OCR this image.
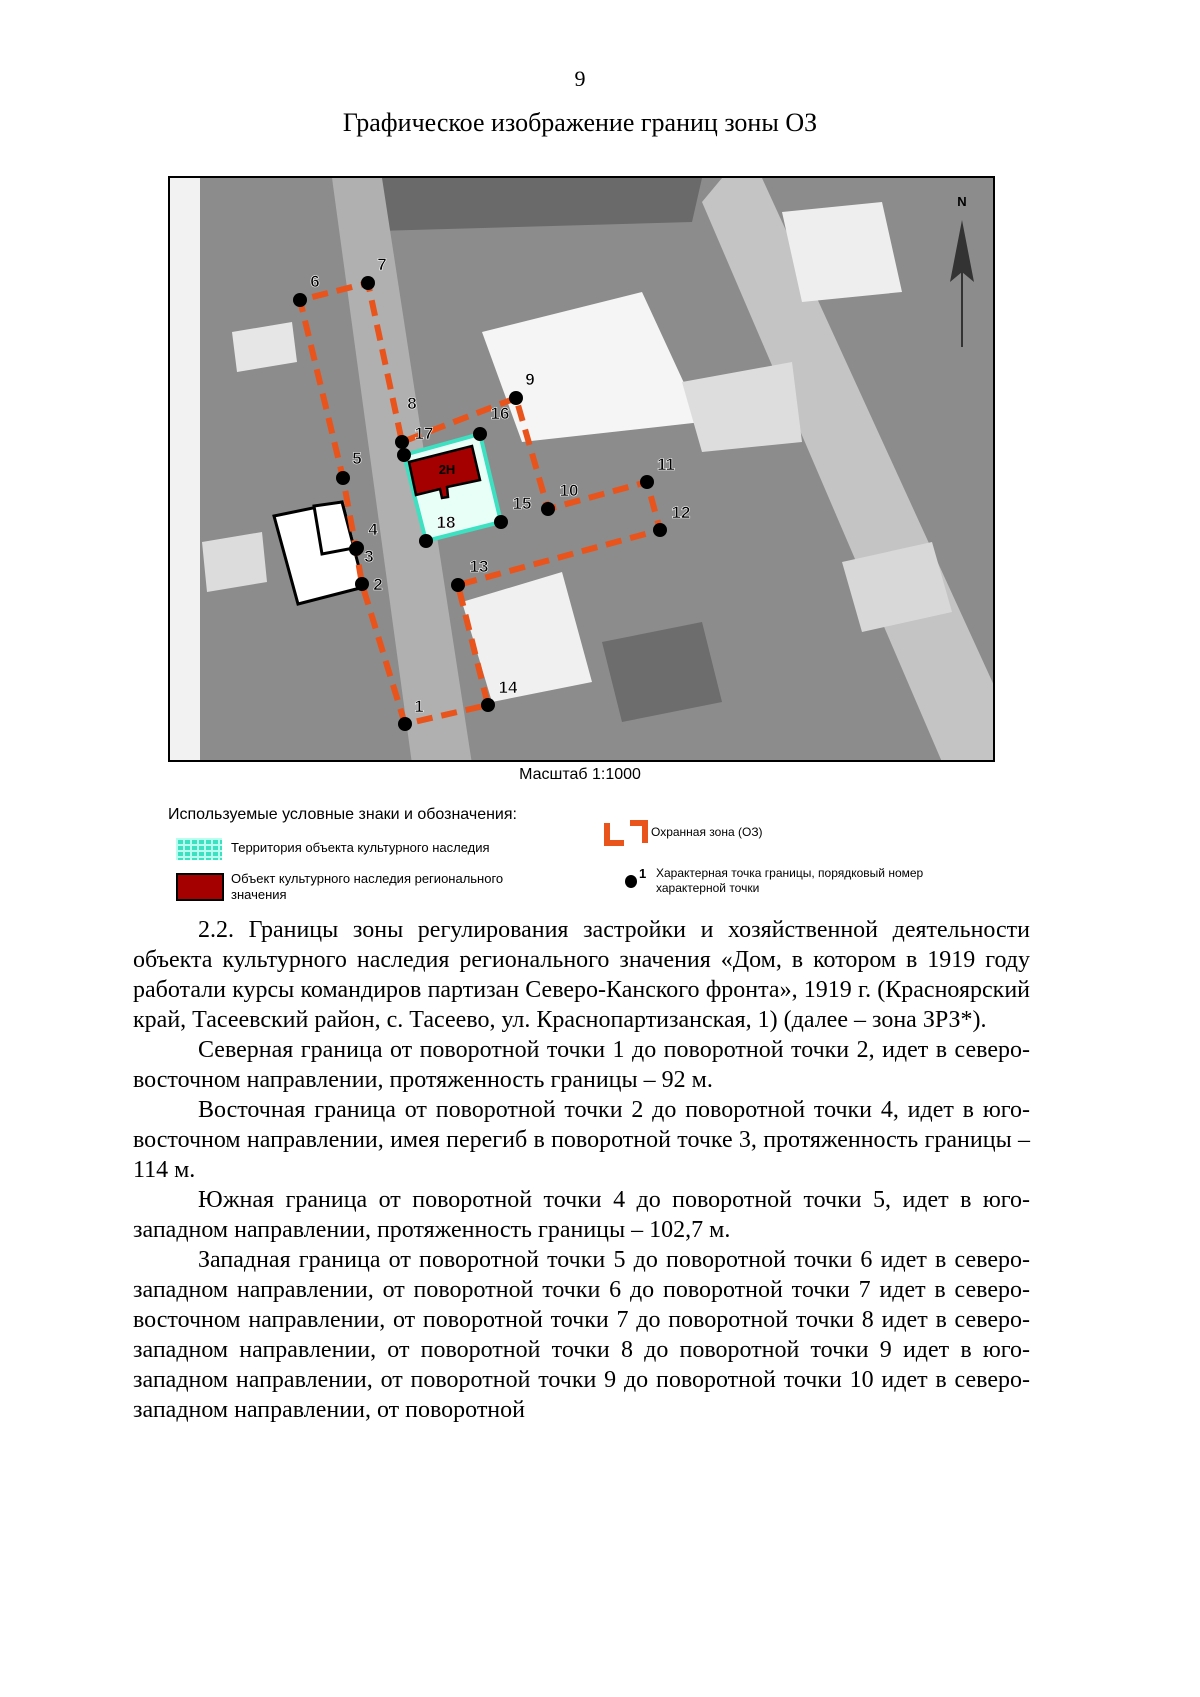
9
Графическое изображение границ зоны ОЗ
2Н
1
2
3
4
5
6
7
8
9
10
11
12
13
14
15
16
17
18
N
Масштаб 1:1000
Используемые условные знаки и обозначения:
Территория объекта культурного наследия
Объект культурного наследия регионального значения
Охранная зона (ОЗ)
1 Характерная точка границы, порядковый номер характерной точки

2.2. Границы зоны регулирования застройки и хозяйственной деятельности объекта культурного наследия регионального значения «Дом, в котором в 1919 году работали курсы командиров партизан Северо-Канского фронта», 1919 г. (Красноярский край, Тасеевский район, с. Тасеево, ул. Краснопартизанская, 1) (далее – зона ЗРЗ*).

Северная граница от поворотной точки 1 до поворотной точки 2, идет в северо-восточном направлении, протяженность границы – 92 м.

Восточная граница от поворотной точки 2 до поворотной точки 4, идет в юго-восточном направлении, имея перегиб в поворотной точке 3, протяженность границы – 114 м.

Южная граница от поворотной точки 4 до поворотной точки 5, идет в юго-западном направлении, протяженность границы – 102,7 м.

Западная граница от поворотной точки 5 до поворотной точки 6 идет в северо-западном направлении, от поворотной точки 6 до поворотной точки 7 идет в северо-восточном направлении, от поворотной точки 7 до поворотной точки 8 идет в северо-западном направлении, от поворотной точки 8 до поворотной точки 9 идет в юго-западном направлении, от поворотной точки 9 до поворотной точки 10 идет в северо-западном направлении, от поворотной
